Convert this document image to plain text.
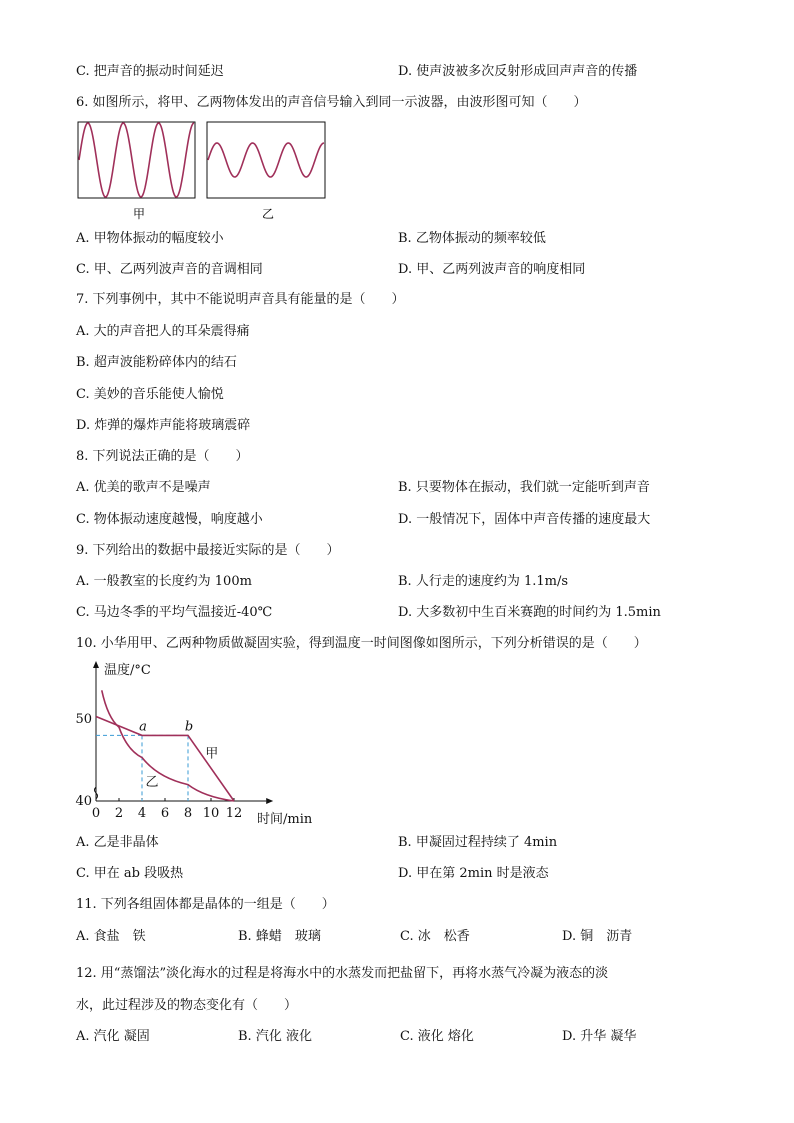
C. 把声音的振动时间延迟	D. 使声波被多次反射形成回声声音的传播
6. 如图所示，将甲、乙两物体发出的声音信号输入到同一示波器，由波形图可知（　　）
甲	乙
A. 甲物体振动的幅度较小	B. 乙物体振动的频率较低
C. 甲、乙两列波声音的音调相同	D. 甲、乙两列波声音的响度相同
7. 下列事例中，其中不能说明声音具有能量的是（　　）
A. 大的声音把人的耳朵震得痛
B. 超声波能粉碎体内的结石
C. 美妙的音乐能使人愉悦
D. 炸弹的爆炸声能将玻璃震碎
8. 下列说法正确的是（　　）
A. 优美的歌声不是噪声	B. 只要物体在振动，我们就一定能听到声音
C. 物体振动速度越慢，响度越小	D. 一般情况下，固体中声音传播的速度最大
9. 下列给出的数据中最接近实际的是（　　）
A. 一般教室的长度约为 100m	B. 人行走的速度约为 1.1m/s
C. 马边冬季的平均气温接近-40℃	D. 大多数初中生百米赛跑的时间约为 1.5min
10. 小华用甲、乙两种物质做凝固实验，得到温度一时间图像如图所示，下列分析错误的是（　　）
温度/°C
时间/min
0 2 4 6 8 10 12
40
50	a	b
甲
乙
A. 乙是非晶体	B. 甲凝固过程持续了 4min
C. 甲在 ab 段吸热	D. 甲在第 2min 时是液态
11. 下列各组固体都是晶体的一组是（　　）
A. 食盐　铁	B. 蜂蜡　玻璃	C. 冰　松香	D. 铜　沥青
12. 用“蒸馏法”淡化海水的过程是将海水中的水蒸发而把盐留下，再将水蒸气冷凝为液态的淡
水，此过程涉及的物态变化有（　　）
A. 汽化 凝固	B. 汽化 液化	C. 液化 熔化	D. 升华 凝华
